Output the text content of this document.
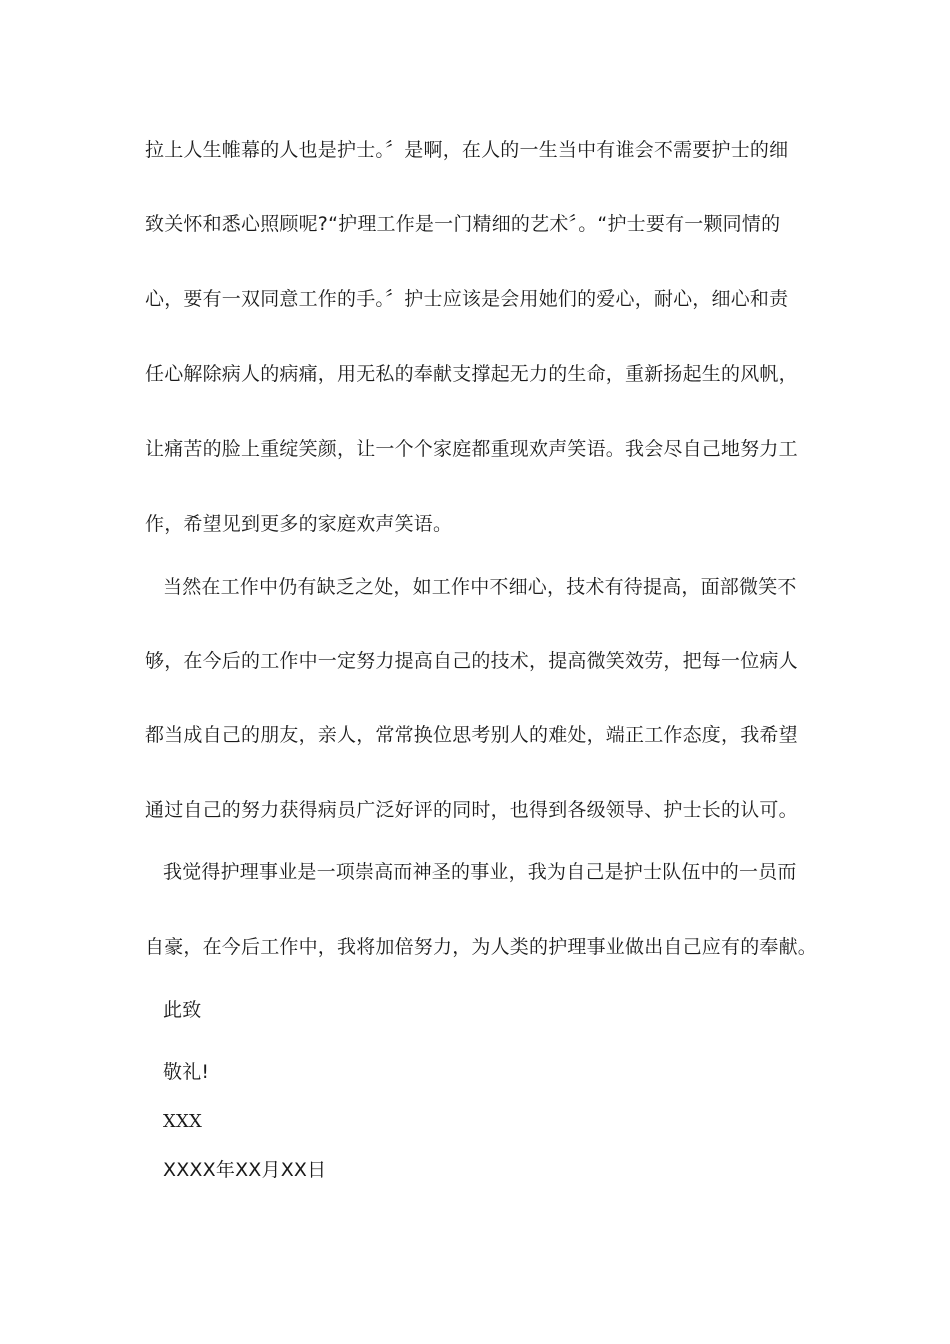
拉上人生帷幕的人也是护士。〞是啊，在人的一生当中有谁会不需要护士的细
致关怀和悉心照顾呢?“护理工作是一门精细的艺术〞。“护士要有一颗同情的
心，要有一双同意工作的手。〞护士应该是会用她们的爱心，耐心，细心和责
任心解除病人的病痛，用无私的奉献支撑起无力的生命，重新扬起生的风帆，
让痛苦的脸上重绽笑颜，让一个个家庭都重现欢声笑语。我会尽自己地努力工
作，希望见到更多的家庭欢声笑语。
当然在工作中仍有缺乏之处，如工作中不细心，技术有待提高，面部微笑不
够，在今后的工作中一定努力提高自己的技术，提高微笑效劳，把每一位病人
都当成自己的朋友，亲人，常常换位思考别人的难处，端正工作态度，我希望
通过自己的努力获得病员广泛好评的同时，也得到各级领导、护士长的认可。
我觉得护理事业是一项崇高而神圣的事业，我为自己是护士队伍中的一员而
自豪，在今后工作中，我将加倍努力，为人类的护理事业做出自己应有的奉献。
此致
敬礼!
XXX
XXXX年XX月XX日
